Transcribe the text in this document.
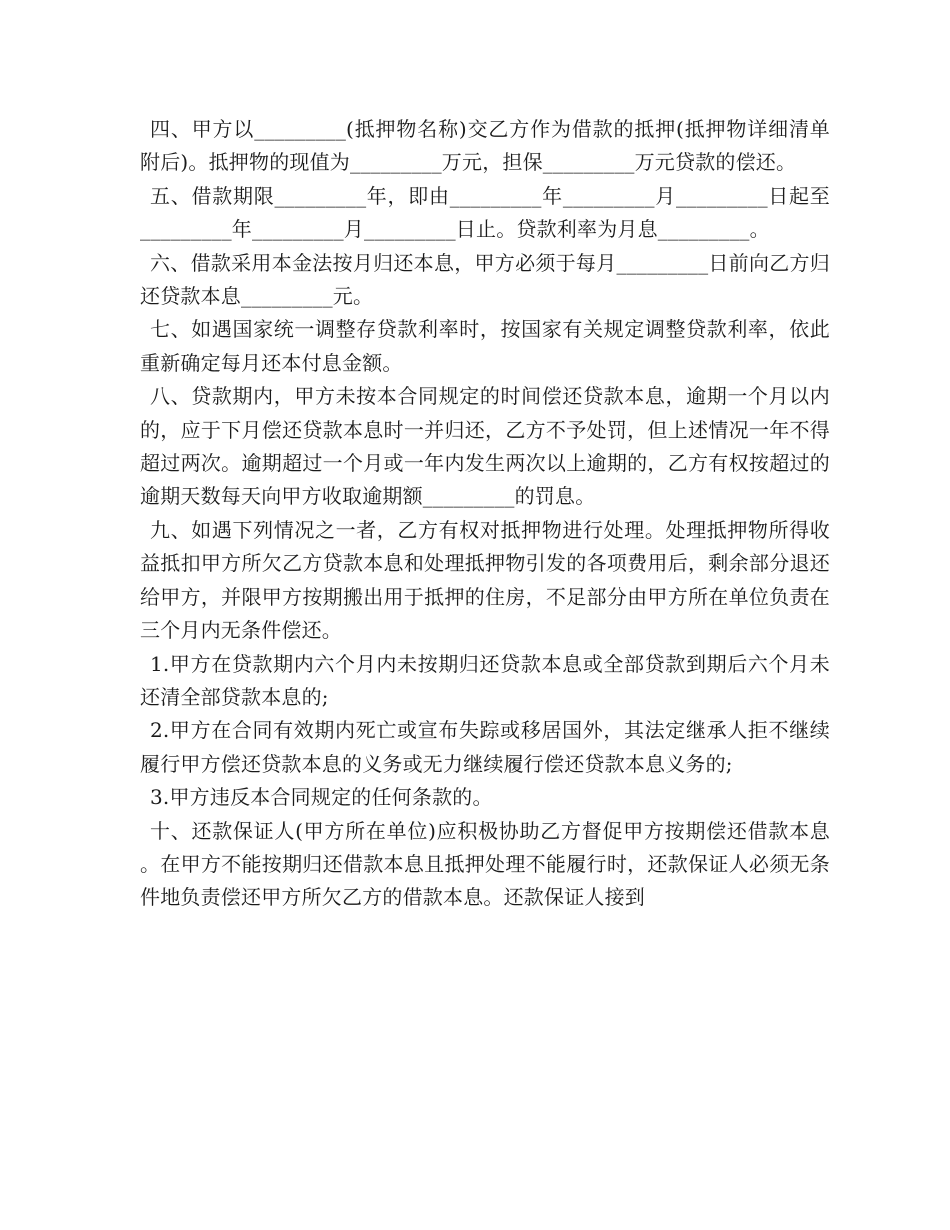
四、甲方以_________(抵押物名称)交乙方作为借款的抵押(抵押物详细清单附后)。抵押物的现值为_________万元，担保_________万元贷款的偿还。

五、借款期限_________年，即由_________年_________月_________日起至_________年_________月_________日止。贷款利率为月息_________。

六、借款采用本金法按月归还本息，甲方必须于每月_________日前向乙方归还贷款本息_________元。

七、如遇国家统一调整存贷款利率时，按国家有关规定调整贷款利率，依此重新确定每月还本付息金额。

八、贷款期内，甲方未按本合同规定的时间偿还贷款本息，逾期一个月以内的，应于下月偿还贷款本息时一并归还，乙方不予处罚，但上述情况一年不得超过两次。逾期超过一个月或一年内发生两次以上逾期的，乙方有权按超过的逾期天数每天向甲方收取逾期额_________的罚息。

九、如遇下列情况之一者，乙方有权对抵押物进行处理。处理抵押物所得收益抵扣甲方所欠乙方贷款本息和处理抵押物引发的各项费用后，剩余部分退还给甲方，并限甲方按期搬出用于抵押的住房，不足部分由甲方所在单位负责在三个月内无条件偿还。

1.甲方在贷款期内六个月内未按期归还贷款本息或全部贷款到期后六个月未还清全部贷款本息的;

2.甲方在合同有效期内死亡或宣布失踪或移居国外，其法定继承人拒不继续履行甲方偿还贷款本息的义务或无力继续履行偿还贷款本息义务的;

3.甲方违反本合同规定的任何条款的。

十、还款保证人(甲方所在单位)应积极协助乙方督促甲方按期偿还借款本息。在甲方不能按期归还借款本息且抵押处理不能履行时，还款保证人必须无条件地负责偿还甲方所欠乙方的借款本息。还款保证人接到
